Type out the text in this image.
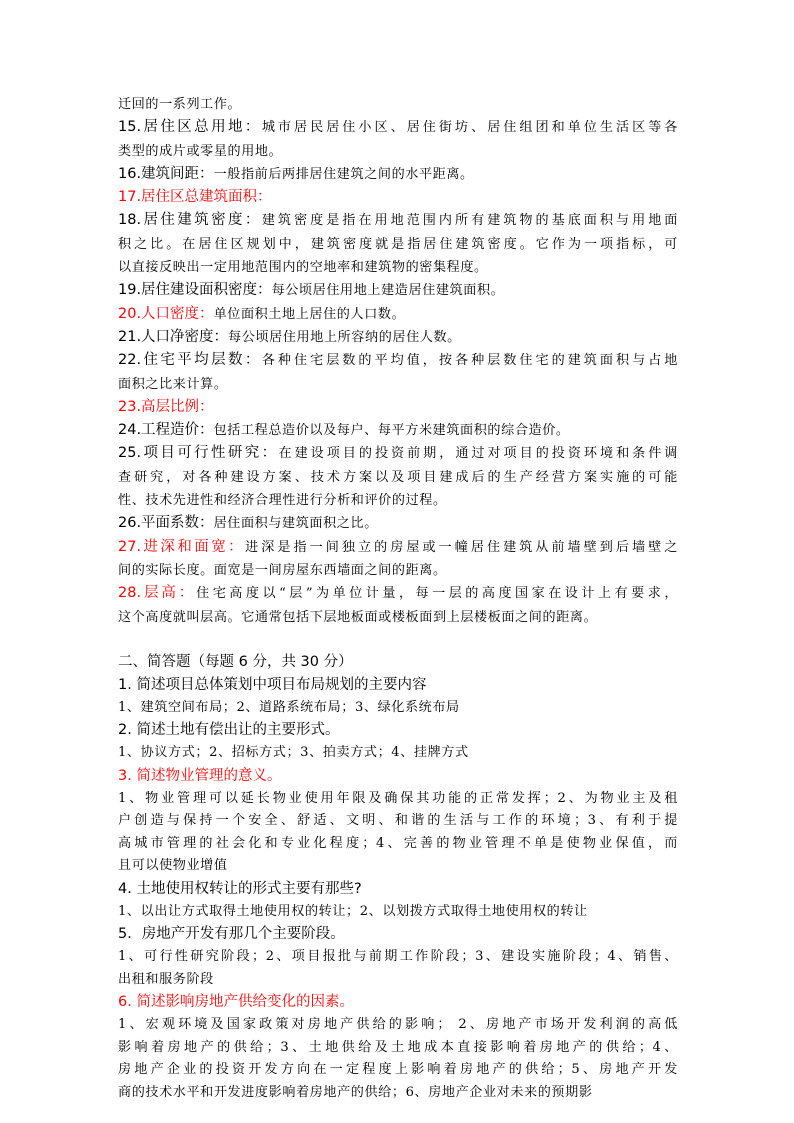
迁回的一系列工作。
15.居住区总用地：城市居民居住小区、居住街坊、居住组团和单位生活区等各
类型的成片或零星的用地。
16.建筑间距：一般指前后两排居住建筑之间的水平距离。
17.居住区总建筑面积：
18.居住建筑密度：建筑密度是指在用地范围内所有建筑物的基底面积与用地面
积之比。在居住区规划中，建筑密度就是指居住建筑密度。它作为一项指标，可
以直接反映出一定用地范围内的空地率和建筑物的密集程度。
19.居住建设面积密度：每公顷居住用地上建造居住建筑面积。
20.人口密度：单位面积土地上居住的人口数。
21.人口净密度：每公顷居住用地上所容纳的居住人数。
22.住宅平均层数：各种住宅层数的平均值，按各种层数住宅的建筑面积与占地
面积之比来计算。
23.高层比例：
24.工程造价：包括工程总造价以及每户、每平方米建筑面积的综合造价。
25.项目可行性研究：在建设项目的投资前期，通过对项目的投资环境和条件调
查研究，对各种建设方案、技术方案以及项目建成后的生产经营方案实施的可能
性、技术先进性和经济合理性进行分析和评价的过程。
26.平面系数：居住面积与建筑面积之比。
27.进深和面宽：进深是指一间独立的房屋或一幢居住建筑从前墙壁到后墙壁之
间的实际长度。面宽是一间房屋东西墙面之间的距离。
28.层高：住宅高度以“层”为单位计量，每一层的高度国家在设计上有要求，
这个高度就叫层高。它通常包括下层地板面或楼板面到上层楼板面之间的距离。
二、简答题（每题 6 分，共 30 分）
1. 简述项目总体策划中项目布局规划的主要内容
1、建筑空间布局；2、道路系统布局；3、绿化系统布局
2. 简述土地有偿出让的主要形式。
1、协议方式；2、招标方式；3、拍卖方式；4、挂牌方式
3. 简述物业管理的意义。
1、物业管理可以延长物业使用年限及确保其功能的正常发挥；2、为物业主及租
户创造与保持一个安全、舒适、文明、和谐的生活与工作的环境；3、有利于提
高城市管理的社会化和专业化程度；4、完善的物业管理不单是使物业保值，而
且可以使物业增值
4. 土地使用权转让的形式主要有那些?
1、以出让方式取得土地使用权的转让；2、以划拨方式取得土地使用权的转让
5．房地产开发有那几个主要阶段。
1、可行性研究阶段；2、项目报批与前期工作阶段；3、建设实施阶段；4、销售、
出租和服务阶段
6. 简述影响房地产供给变化的因素。
1、宏观环境及国家政策对房地产供给的影响； 2、房地产市场开发利润的高低
影响着房地产的供给；3、土地供给及土地成本直接影响着房地产的供给；4、
房地产企业的投资开发方向在一定程度上影响着房地产的供给；5、房地产开发
商的技术水平和开发进度影响着房地产的供给；6、房地产企业对未来的预期影
